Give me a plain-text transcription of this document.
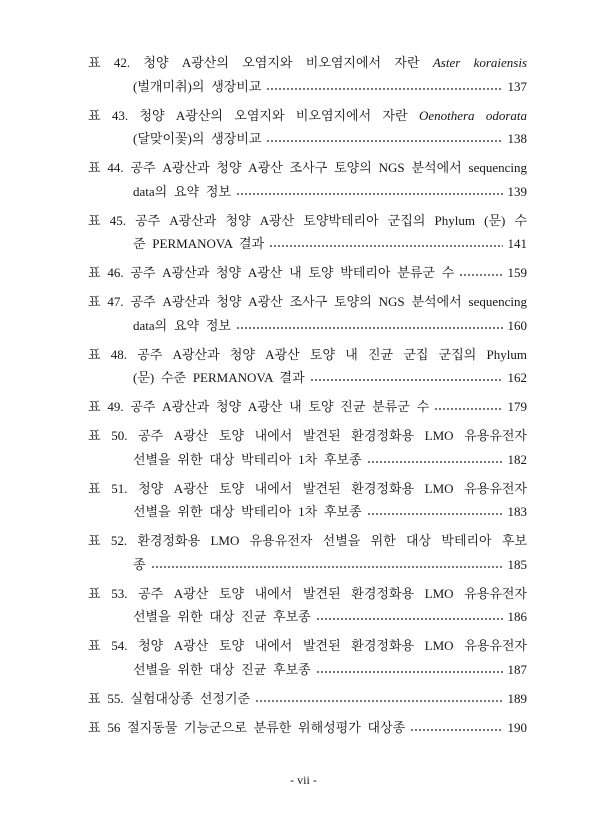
표 42. 청양 A광산의 오염지와 비오염지에서 자란 Aster koraiensis
(벌개미취)의 생장비교	137
표 43. 청양 A광산의 오염지와 비오염지에서 자란 Oenothera odorata
(달맞이꽃)의 생장비교	138
표 44. 공주 A광산과 청양 A광산 조사구 토양의 NGS 분석에서 sequencing
data의 요약 정보	139
표 45. 공주 A광산과 청양 A광산 토양박테리아 군집의 Phylum (문) 수
준 PERMANOVA 결과	141
표 46. 공주 A광산과 청양 A광산 내 토양 박테리아 분류군 수	159
표 47. 공주 A광산과 청양 A광산 조사구 토양의 NGS 분석에서 sequencing
data의 요약 정보	160
표 48. 공주 A광산과 청양 A광산 토양 내 진균 군집 군집의 Phylum
(문) 수준 PERMANOVA 결과	162
표 49. 공주 A광산과 청양 A광산 내 토양 진균 분류군 수	179
표 50. 공주 A광산 토양 내에서 발견된 환경정화용 LMO 유용유전자
선별을 위한 대상 박테리아 1차 후보종	182
표 51. 청양 A광산 토양 내에서 발견된 환경정화용 LMO 유용유전자
선별을 위한 대상 박테리아 1차 후보종	183
표 52. 환경정화용 LMO 유용유전자 선별을 위한 대상 박테리아 후보
종	185
표 53. 공주 A광산 토양 내에서 발견된 환경정화용 LMO 유용유전자
선별을 위한 대상 진균 후보종	186
표 54. 청양 A광산 토양 내에서 발견된 환경정화용 LMO 유용유전자
선별을 위한 대상 진균 후보종	187
표 55. 실험대상종 선정기준	189
표 56 절지동물 기능군으로 분류한 위해성평가 대상종	190
- vii -
